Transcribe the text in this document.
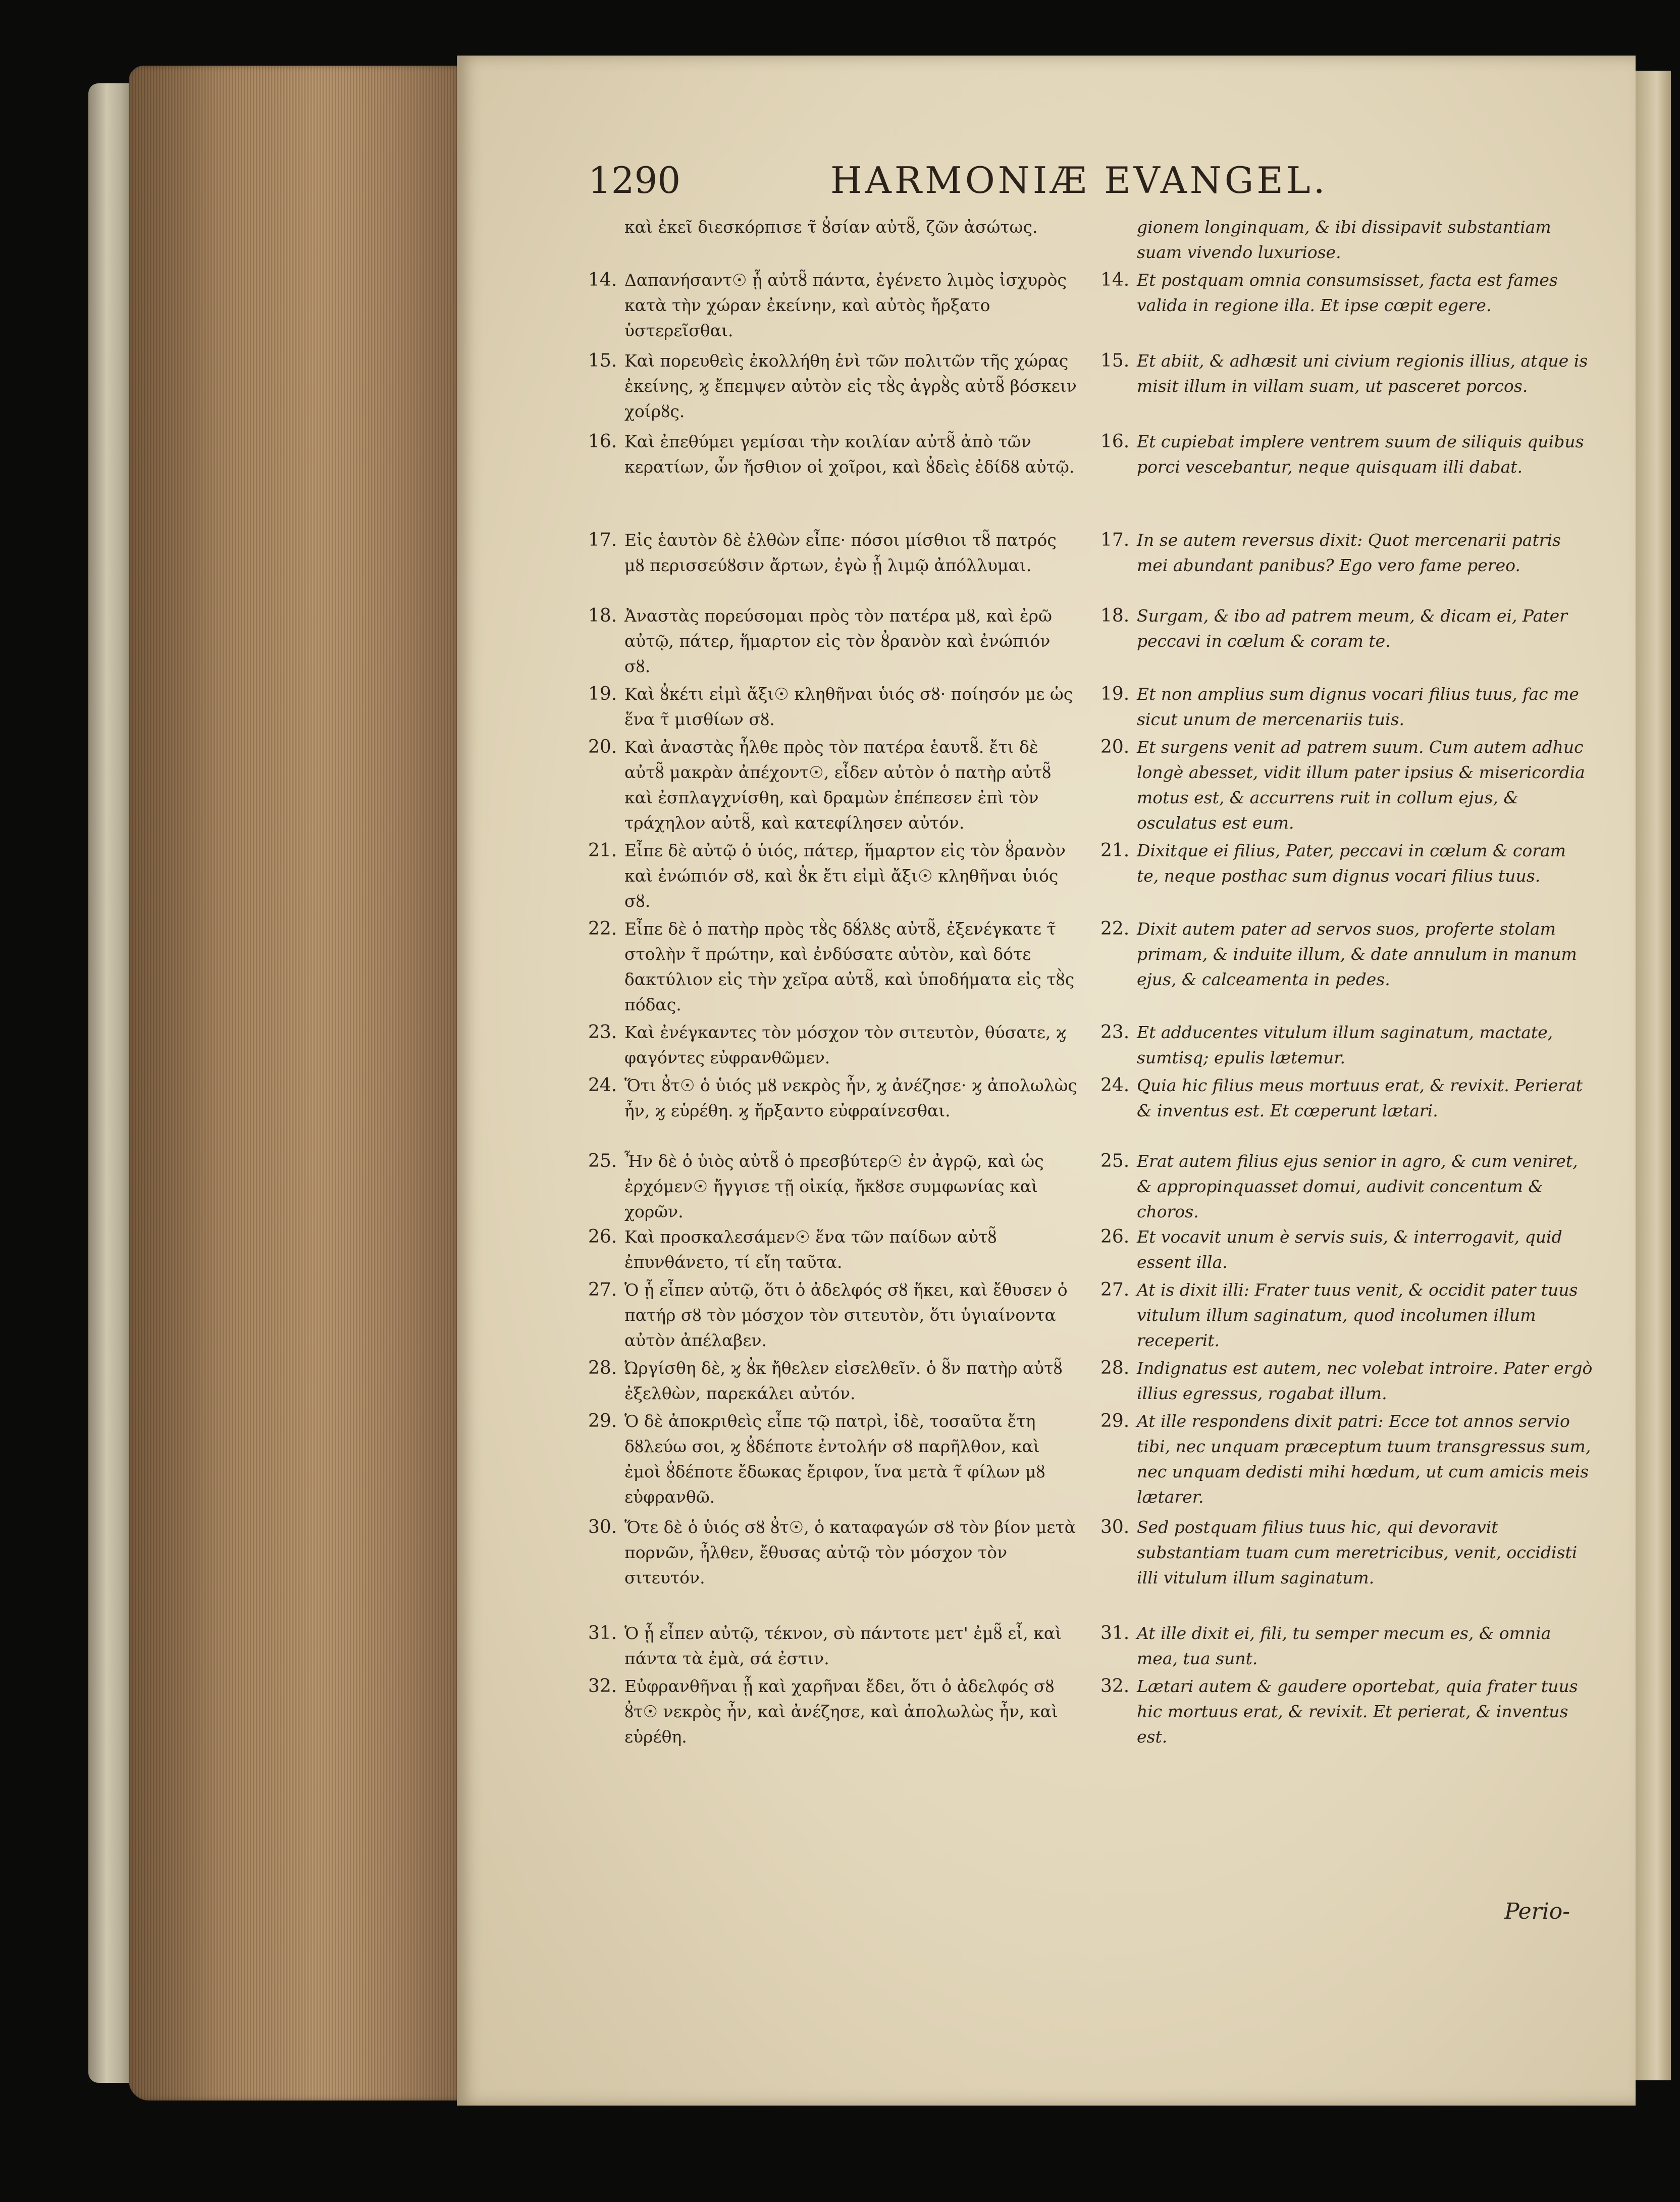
1290	HARMONIÆ EVANGEL.
καὶ ἐκεῖ διεσκόρπισε τ̃ ȣ̓σίαν αὐτȣ̃, ζῶν ἀσώτως.
14. Δαπανήσαντ☉ ᾗ αὐτȣ̃ πάντα, ἐγένετο λιμὸς ἰσχυρὸς κατὰ τὴν χώραν ἐκείνην, καὶ αὐτὸς ἤρξατο ὑστερεῖσθαι.
15. Καὶ πορευθεὶς ἐκολλήθη ἑνὶ τῶν πολιτῶν τῆς χώρας ἐκείνης, ϗ ἔπεμψεν αὐτὸν εἰς τȣ̀ς ἀγρȣ̀ς αὐτȣ̃ βόσκειν χοίρȣς.
16. Καὶ ἐπεθύμει γεμίσαι τὴν κοιλίαν αὐτȣ̃ ἀπὸ τῶν κερατίων, ὧν ἤσθιον οἱ χοῖροι, καὶ ȣ̓δεὶς ἐδίδȣ αὐτῷ.
17. Εἰς ἑαυτὸν δὲ ἐλθὼν εἶπε· πόσοι μίσθιοι τȣ̃ πατρός μȣ περισσεύȣσιν ἄρτων, ἐγὼ ᾗ λιμῷ ἀπόλλυμαι.
18. Ἀναστὰς πορεύσομαι πρὸς τὸν πατέρα μȣ, καὶ ἐρῶ αὐτῷ, πάτερ, ἥμαρτον εἰς τὸν ȣ̓ρανὸν καὶ ἐνώπιόν σȣ.
19. Καὶ ȣ̓κέτι εἰμὶ ἄξι☉ κληθῆναι ὑιός σȣ· ποίησόν με ὡς ἕνα τ̃ μισθίων σȣ.
20. Καὶ ἀναστὰς ἦλθε πρὸς τὸν πατέρα ἑαυτȣ̃. ἔτι δὲ αὐτȣ̃ μακρὰν ἀπέχοντ☉, εἶδεν αὐτὸν ὁ πατὴρ αὐτȣ̃ καὶ ἐσπλαγχνίσθη, καὶ δραμὼν ἐπέπεσεν ἐπὶ τὸν τράχηλον αὐτȣ̃, καὶ κατεφίλησεν αὐτόν.
21. Εἶπε δὲ αὐτῷ ὁ ὑιός, πάτερ, ἥμαρτον εἰς τὸν ȣ̓ρανὸν καὶ ἐνώπιόν σȣ, καὶ ȣ̓κ ἔτι εἰμὶ ἄξι☉ κληθῆναι ὑιός σȣ.
22. Εἶπε δὲ ὁ πατὴρ πρὸς τȣ̀ς δȣ́λȣς αὐτȣ̃, ἐξενέγκατε τ̃ στολὴν τ̃ πρώτην, καὶ ἐνδύσατε αὐτὸν, καὶ δότε δακτύλιον εἰς τὴν χεῖρα αὐτȣ̃, καὶ ὑποδήματα εἰς τȣ̀ς πόδας.
23. Καὶ ἐνέγκαντες τὸν μόσχον τὸν σιτευτὸν, θύσατε, ϗ φαγόντες εὐφρανθῶμεν.
24. Ὅτι ȣ̓τ☉ ὁ ὑιός μȣ νεκρὸς ἦν, ϗ ἀνέζησε· ϗ ἀπολωλὼς ἦν, ϗ εὑρέθη. ϗ ἤρξαντο εὐφραίνεσθαι.
25. Ἦν δὲ ὁ ὑιὸς αὐτȣ̃ ὁ πρεσβύτερ☉ ἐν ἀγρῷ, καὶ ὡς ἐρχόμεν☉ ἤγγισε τῇ οἰκίᾳ, ἤκȣσε συμφωνίας καὶ χορῶν.
26. Καὶ προσκαλεσάμεν☉ ἕνα τῶν παίδων αὐτȣ̃ ἐπυνθάνετο, τί εἴη ταῦτα.
27. Ὁ ᾗ εἶπεν αὐτῷ, ὅτι ὁ ἀδελφός σȣ ἥκει, καὶ ἔθυσεν ὁ πατήρ σȣ τὸν μόσχον τὸν σιτευτὸν, ὅτι ὑγιαίνοντα αὐτὸν ἀπέλαβεν.
28. Ὠργίσθη δὲ, ϗ ȣ̓κ ἤθελεν εἰσελθεῖν. ὁ ȣ̃ν πατὴρ αὐτȣ̃ ἐξελθὼν, παρεκάλει αὐτόν.
29. Ὁ δὲ ἀποκριθεὶς εἶπε τῷ πατρὶ, ἰδὲ, τοσαῦτα ἔτη δȣλεύω σοι, ϗ ȣ̓δέποτε ἐντολήν σȣ παρῆλθον, καὶ ἐμοὶ ȣ̓δέποτε ἔδωκας ἔριφον, ἵνα μετὰ τ̃ φίλων μȣ εὐφρανθῶ.
30. Ὅτε δὲ ὁ ὑιός σȣ ȣ̓τ☉, ὁ καταφαγών σȣ τὸν βίον μετὰ πορνῶν, ἦλθεν, ἔθυσας αὐτῷ τὸν μόσχον τὸν σιτευτόν.
31. Ὁ ᾗ εἶπεν αὐτῷ, τέκνον, σὺ πάντοτε μετ' ἐμȣ̃ εἶ, καὶ πάντα τὰ ἐμὰ, σά ἐστιν.
32. Εὐφρανθῆναι ᾗ καὶ χαρῆναι ἔδει, ὅτι ὁ ἀδελφός σȣ ȣ̓τ☉ νεκρὸς ἦν, καὶ ἀνέζησε, καὶ ἀπολωλὼς ἦν, καὶ εὑρέθη.
gionem longinquam, & ibi dissipavit substantiam suam vivendo luxuriose.
14. Et postquam omnia consumsisset, facta est fames valida in regione illa. Et ipse cœpit egere.
15. Et abiit, & adhæsit uni civium regionis illius, atque is misit illum in villam suam, ut pasceret porcos.
16. Et cupiebat implere ventrem suum de siliquis quibus porci vescebantur, neque quisquam illi dabat.
17. In se autem reversus dixit: Quot mercenarii patris mei abundant panibus? Ego vero fame pereo.
18. Surgam, & ibo ad patrem meum, & dicam ei, Pater peccavi in cœlum & coram te.
19. Et non amplius sum dignus vocari filius tuus, fac me sicut unum de mercenariis tuis.
20. Et surgens venit ad patrem suum. Cum autem adhuc longè abesset, vidit illum pater ipsius & misericordia motus est, & accurrens ruit in collum ejus, & osculatus est eum.
21. Dixitque ei filius, Pater, peccavi in cœlum & coram te, neque posthac sum dignus vocari filius tuus.
22. Dixit autem pater ad servos suos, proferte stolam primam, & induite illum, & date annulum in manum ejus, & calceamenta in pedes.
23. Et adducentes vitulum illum saginatum, mactate, sumtisq; epulis lætemur.
24. Quia hic filius meus mortuus erat, & revixit. Perierat & inventus est. Et cœperunt lætari.
25. Erat autem filius ejus senior in agro, & cum veniret, & appropinquasset domui, audivit concentum & choros.
26. Et vocavit unum è servis suis, & interrogavit, quid essent illa.
27. At is dixit illi: Frater tuus venit, & occidit pater tuus vitulum illum saginatum, quod incolumen illum receperit.
28. Indignatus est autem, nec volebat introire. Pater ergò illius egressus, rogabat illum.
29. At ille respondens dixit patri: Ecce tot annos servio tibi, nec unquam præceptum tuum transgressus sum, nec unquam dedisti mihi hœdum, ut cum amicis meis lætarer.
30. Sed postquam filius tuus hic, qui devoravit substantiam tuam cum meretricibus, venit, occidisti illi vitulum illum saginatum.
31. At ille dixit ei, fili, tu semper mecum es, & omnia mea, tua sunt.
32. Lætari autem & gaudere oportebat, quia frater tuus hic mortuus erat, & revixit. Et perierat, & inventus est.
Perio-
